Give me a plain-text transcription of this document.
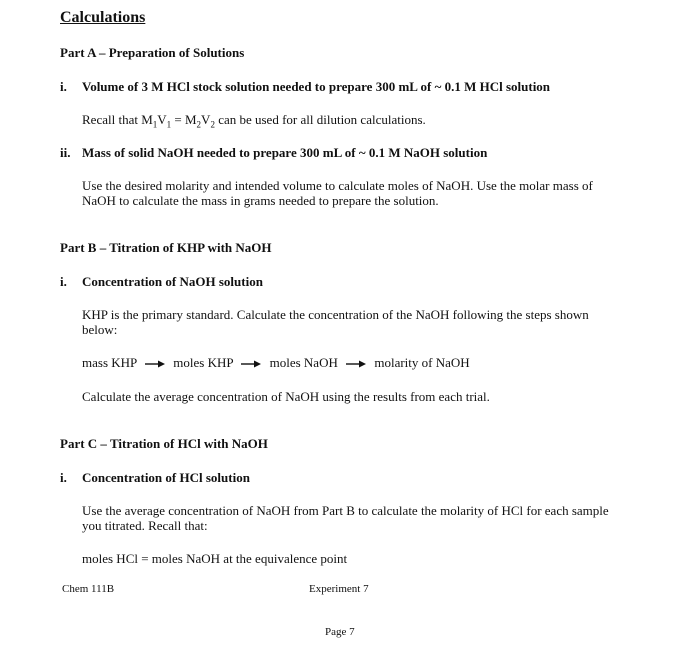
Calculations
Part A – Preparation of Solutions
i. Volume of 3 M HCl stock solution needed to prepare 300 mL of ~ 0.1 M HCl solution
Recall that $M_1V_1 = M_2V_2$ can be used for all dilution calculations.
ii. Mass of solid NaOH needed to prepare 300 mL of ~ 0.1 M NaOH solution
Use the desired molarity and intended volume to calculate moles of NaOH. Use the molar mass of NaOH to calculate the mass in grams needed to prepare the solution.
Part B – Titration of KHP with NaOH
i. Concentration of NaOH solution
KHP is the primary standard. Calculate the concentration of the NaOH following the steps shown below:
mass KHP	moles KHP	moles NaOH	molarity of NaOH
Calculate the average concentration of NaOH using the results from each trial.
Part C – Titration of HCl with NaOH
i. Concentration of HCl solution
Use the average concentration of NaOH from Part B to calculate the molarity of HCl for each sample you titrated. Recall that:
moles HCl = moles NaOH at the equivalence point
Chem 111B	Experiment 7
Page 7
